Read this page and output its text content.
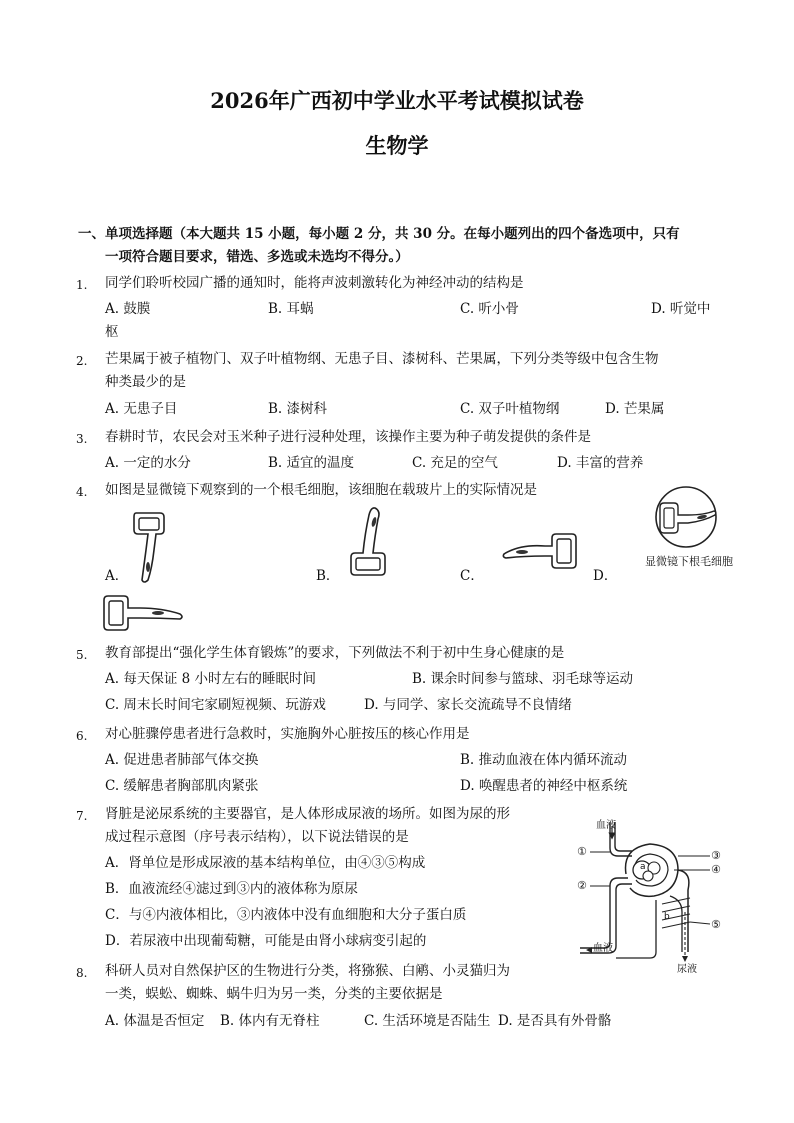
2026年广西初中学业水平考试模拟试卷
生物学
一、单项选择题（本大题共 15 小题，每小题 2 分，共 30 分。在每小题列出的四个备选项中，只有
一项符合题目要求，错选、多选或未选均不得分。）
1. 同学们聆听校园广播的通知时，能将声波刺激转化为神经冲动的结构是
A. 鼓膜	B. 耳蜗	C. 听小骨	D. 听觉中
枢
2. 芒果属于被子植物门、双子叶植物纲、无患子目、漆树科、芒果属，下列分类等级中包含生物
种类最少的是
A. 无患子目	B. 漆树科	C. 双子叶植物纲	D. 芒果属
3. 春耕时节，农民会对玉米种子进行浸种处理，该操作主要为种子萌发提供的条件是
A. 一定的水分	B. 适宜的温度	C. 充足的空气	D. 丰富的营养
4. 如图是显微镜下观察到的一个根毛细胞，该细胞在载玻片上的实际情况是
A．	B．	C．	D．
显微镜下根毛细胞
5. 教育部提出“强化学生体育锻炼”的要求，下列做法不利于初中生身心健康的是
A. 每天保证 8 小时左右的睡眠时间	B. 课余时间参与篮球、羽毛球等运动
C. 周末长时间宅家刷短视频、玩游戏	D. 与同学、家长交流疏导不良情绪
6. 对心脏骤停患者进行急救时，实施胸外心脏按压的核心作用是
A. 促进患者肺部气体交换	B. 推动血液在体内循环流动
C. 缓解患者胸部肌肉紧张	D. 唤醒患者的神经中枢系统
7. 肾脏是泌尿系统的主要器官，是人体形成尿液的场所。如图为尿的形
成过程示意图（序号表示结构），以下说法错误的是
A．肾单位是形成尿液的基本结构单位，由④③⑤构成
B．血液流经④滤过到③内的液体称为原尿
C．与④内液体相比，③内液体中没有血细胞和大分子蛋白质
D．若尿液中出现葡萄糖，可能是由肾小球病变引起的
血液
①
②
③
④
⑤
a
b
血液
尿液
8. 科研人员对自然保护区的生物进行分类，将猕猴、白鹇、小灵猫归为
一类，蜈蚣、蜘蛛、蜗牛归为另一类，分类的主要依据是
A. 体温是否恒定 B. 体内有无脊柱	C. 生活环境是否陆生 D. 是否具有外骨骼
